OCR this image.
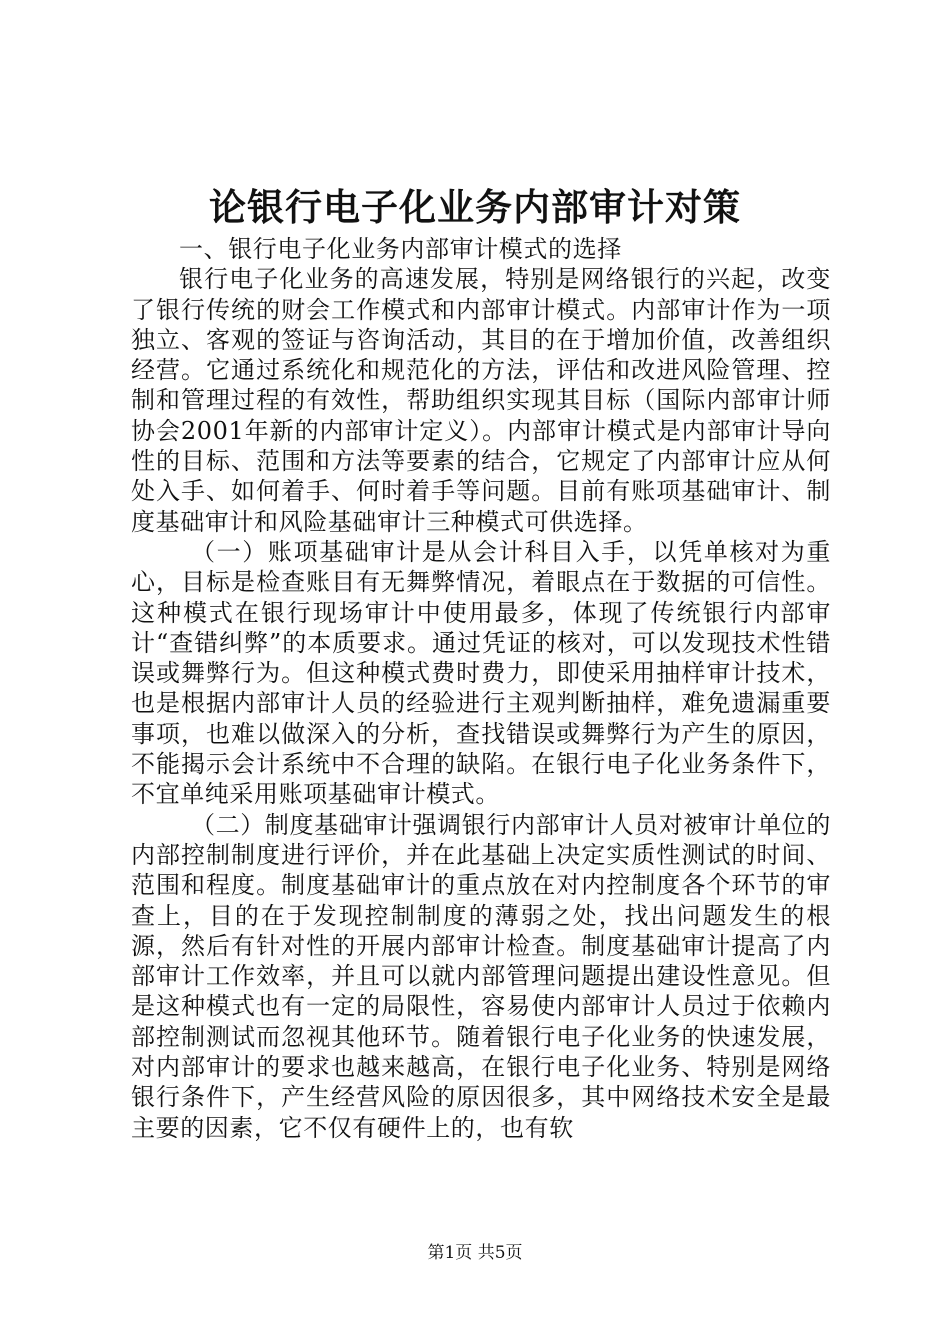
论银行电子化业务内部审计对策

一、银行电子化业务内部审计模式的选择

银行电子化业务的高速发展，特别是网络银行的兴起，改变了银行传统的财会工作模式和内部审计模式。内部审计作为一项独立、客观的签证与咨询活动，其目的在于增加价值，改善组织经营。它通过系统化和规范化的方法，评估和改进风险管理、控制和管理过程的有效性，帮助组织实现其目标（国际内部审计师协会2001年新的内部审计定义）。内部审计模式是内部审计导向性的目标、范围和方法等要素的结合，它规定了内部审计应从何处入手、如何着手、何时着手等问题。目前有账项基础审计、制度基础审计和风险基础审计三种模式可供选择。

（一）账项基础审计是从会计科目入手，以凭单核对为重心，目标是检查账目有无舞弊情况，着眼点在于数据的可信性。这种模式在银行现场审计中使用最多，体现了传统银行内部审计“查错纠弊”的本质要求。通过凭证的核对，可以发现技术性错误或舞弊行为。但这种模式费时费力，即使采用抽样审计技术，也是根据内部审计人员的经验进行主观判断抽样，难免遗漏重要事项，也难以做深入的分析，查找错误或舞弊行为产生的原因，不能揭示会计系统中不合理的缺陷。在银行电子化业务条件下，不宜单纯采用账项基础审计模式。

（二）制度基础审计强调银行内部审计人员对被审计单位的内部控制制度进行评价，并在此基础上决定实质性测试的时间、范围和程度。制度基础审计的重点放在对内控制度各个环节的审查上，目的在于发现控制制度的薄弱之处，找出问题发生的根源，然后有针对性的开展内部审计检查。制度基础审计提高了内部审计工作效率，并且可以就内部管理问题提出建设性意见。但是这种模式也有一定的局限性，容易使内部审计人员过于依赖内部控制测试而忽视其他环节。随着银行电子化业务的快速发展，对内部审计的要求也越来越高，在银行电子化业务、特别是网络银行条件下，产生经营风险的原因很多，其中网络技术安全是最主要的因素，它不仅有硬件上的，也有软

第1页 共5页
